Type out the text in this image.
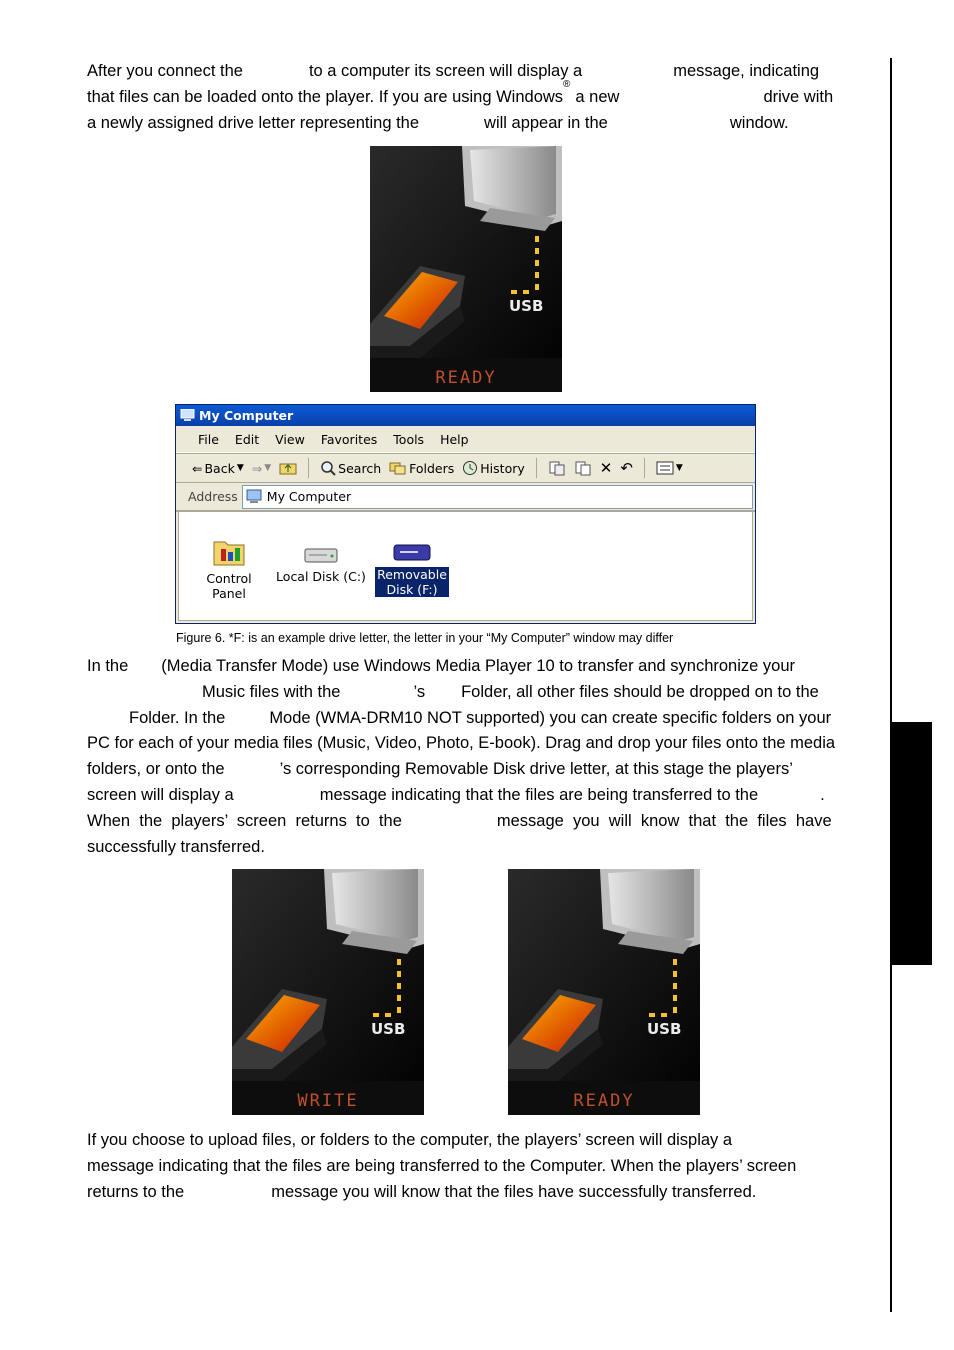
After you connect the	to a computer its screen will display a	message, indicating
that files can be loaded onto the player. If you are using Windows
®
a new	drive with
a newly assigned drive letter representing the	will appear in the	window.
USB
READY
My Computer
File Edit View Favorites Tools Help
⇐ Back ▼ ⇒ ▼	Search Folders History	✕ ↶	▼
Address My Computer

Control Panel

Local Disk (C:) Removable
Disk (F:)
Figure 6. *F: is an example drive letter, the letter in your “My Computer” window may differ
In the (Media Transfer Mode) use Windows Media Player 10 to transfer and synchronize your
Music files with the	’s Folder, all other files should be dropped on to the
Folder. In the	Mode (WMA-DRM10 NOT supported) you can create specific folders on your
PC for each of your media files (Music, Video, Photo, E-book). Drag and drop your files onto the media
folders, or onto the	’s corresponding Removable Disk drive letter, at this stage the players’
screen will display a	message indicating that the files are being transferred to the	.
When  the  players’  screen  returns  to  the	message  you  will  know  that  the  files  have
successfully transferred.
USB
WRITE
USB
READY
If you choose to upload files, or folders to the computer, the players’ screen will display a
message indicating that the files are being transferred to the Computer. When the players’ screen
returns to the	message you will know that the files have successfully transferred.
